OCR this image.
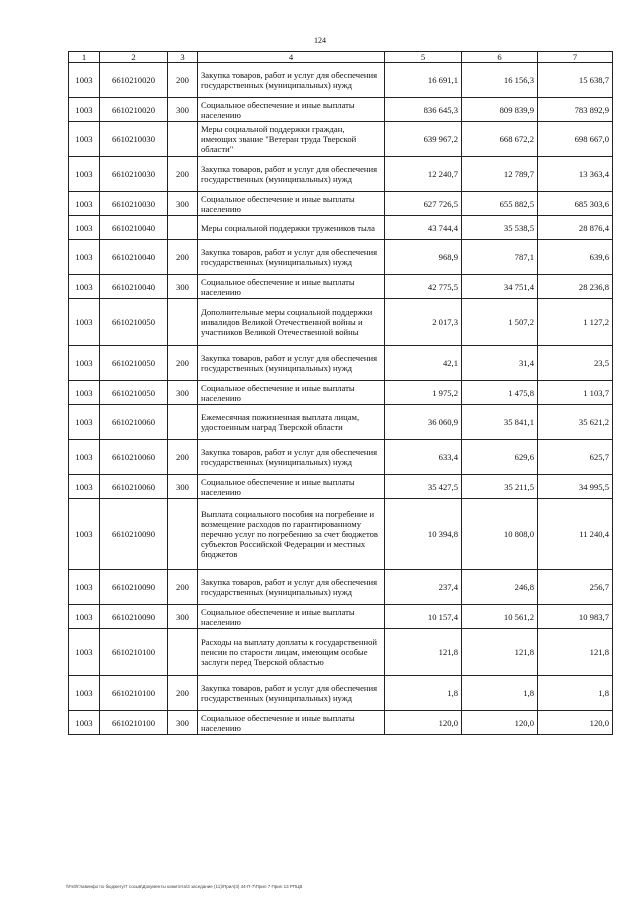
124
1	2	3	4	5	6	7
1003	6610210020	200	Закупка товаров, работ и услуг для обеспечения государственных (муниципальных) нужд	16 691,1	16 156,3	15 638,7
1003	6610210020	300	Социальное обеспечение и иные выплаты населению	836 645,3	809 839,9	783 892,9
1003	6610210030		Меры социальной поддержки граждан, имеющих звание "Ветеран труда Тверской области"	639 967,2	668 672,2	698 667,0
1003	6610210030	200	Закупка товаров, работ и услуг для обеспечения государственных (муниципальных) нужд	12 240,7	12 789,7	13 363,4
1003	6610210030	300	Социальное обеспечение и иные выплаты населению	627 726,5	655 882,5	685 303,6
1003	6610210040		Меры социальной поддержки тружеников тыла	43 744,4	35 538,5	28 876,4
1003	6610210040	200	Закупка товаров, работ и услуг для обеспечения государственных (муниципальных) нужд	968,9	787,1	639,6
1003	6610210040	300	Социальное обеспечение и иные выплаты населению	42 775,5	34 751,4	28 236,8
1003	6610210050		Дополнительные меры социальной поддержки инвалидов Великой Отечественной войны и участников Великой Отечественной войны	2 017,3	1 507,2	1 127,2
1003	6610210050	200	Закупка товаров, работ и услуг для обеспечения государственных (муниципальных) нужд	42,1	31,4	23,5
1003	6610210050	300	Социальное обеспечение и иные выплаты населению	1 975,2	1 475,8	1 103,7
1003	6610210060		Ежемесячная пожизненная выплата лицам, удостоенным наград Тверской области	36 060,9	35 841,1	35 621,2
1003	6610210060	200	Закупка товаров, работ и услуг для обеспечения государственных (муниципальных) нужд	633,4	629,6	625,7
1003	6610210060	300	Социальное обеспечение и иные выплаты населению	35 427,5	35 211,5	34 995,5
1003	6610210090		Выплата социального пособия на погребение и возмещение расходов по гарантированному перечню услуг по погребению за счет бюджетов субъектов Российской Федерации и местных бюджетов	10 394,8	10 808,0	11 240,4
1003	6610210090	200	Закупка товаров, работ и услуг для обеспечения государственных (муниципальных) нужд	237,4	246,8	256,7
1003	6610210090	300	Социальное обеспечение и иные выплаты населению	10 157,4	10 561,2	10 983,7
1003	6610210100		Расходы на выплату доплаты к государственной пенсии по старости лицам, имеющим особые заслуги перед Тверской областью	121,8	121,8	121,8
1003	6610210100	200	Закупка товаров, работ и услуг для обеспечения государственных (муниципальных) нужд	1,8	1,8	1,8
1003	6610210100	300	Социальное обеспечение и иные выплаты населению	120,0	120,0	120,0
\\Fs0\Главинфо по бюджету\7 созыв\Документы комитета\3 заседание (11)\Прил(3) 44-П-7\Прил 7 Прил 13 РПЦВ
